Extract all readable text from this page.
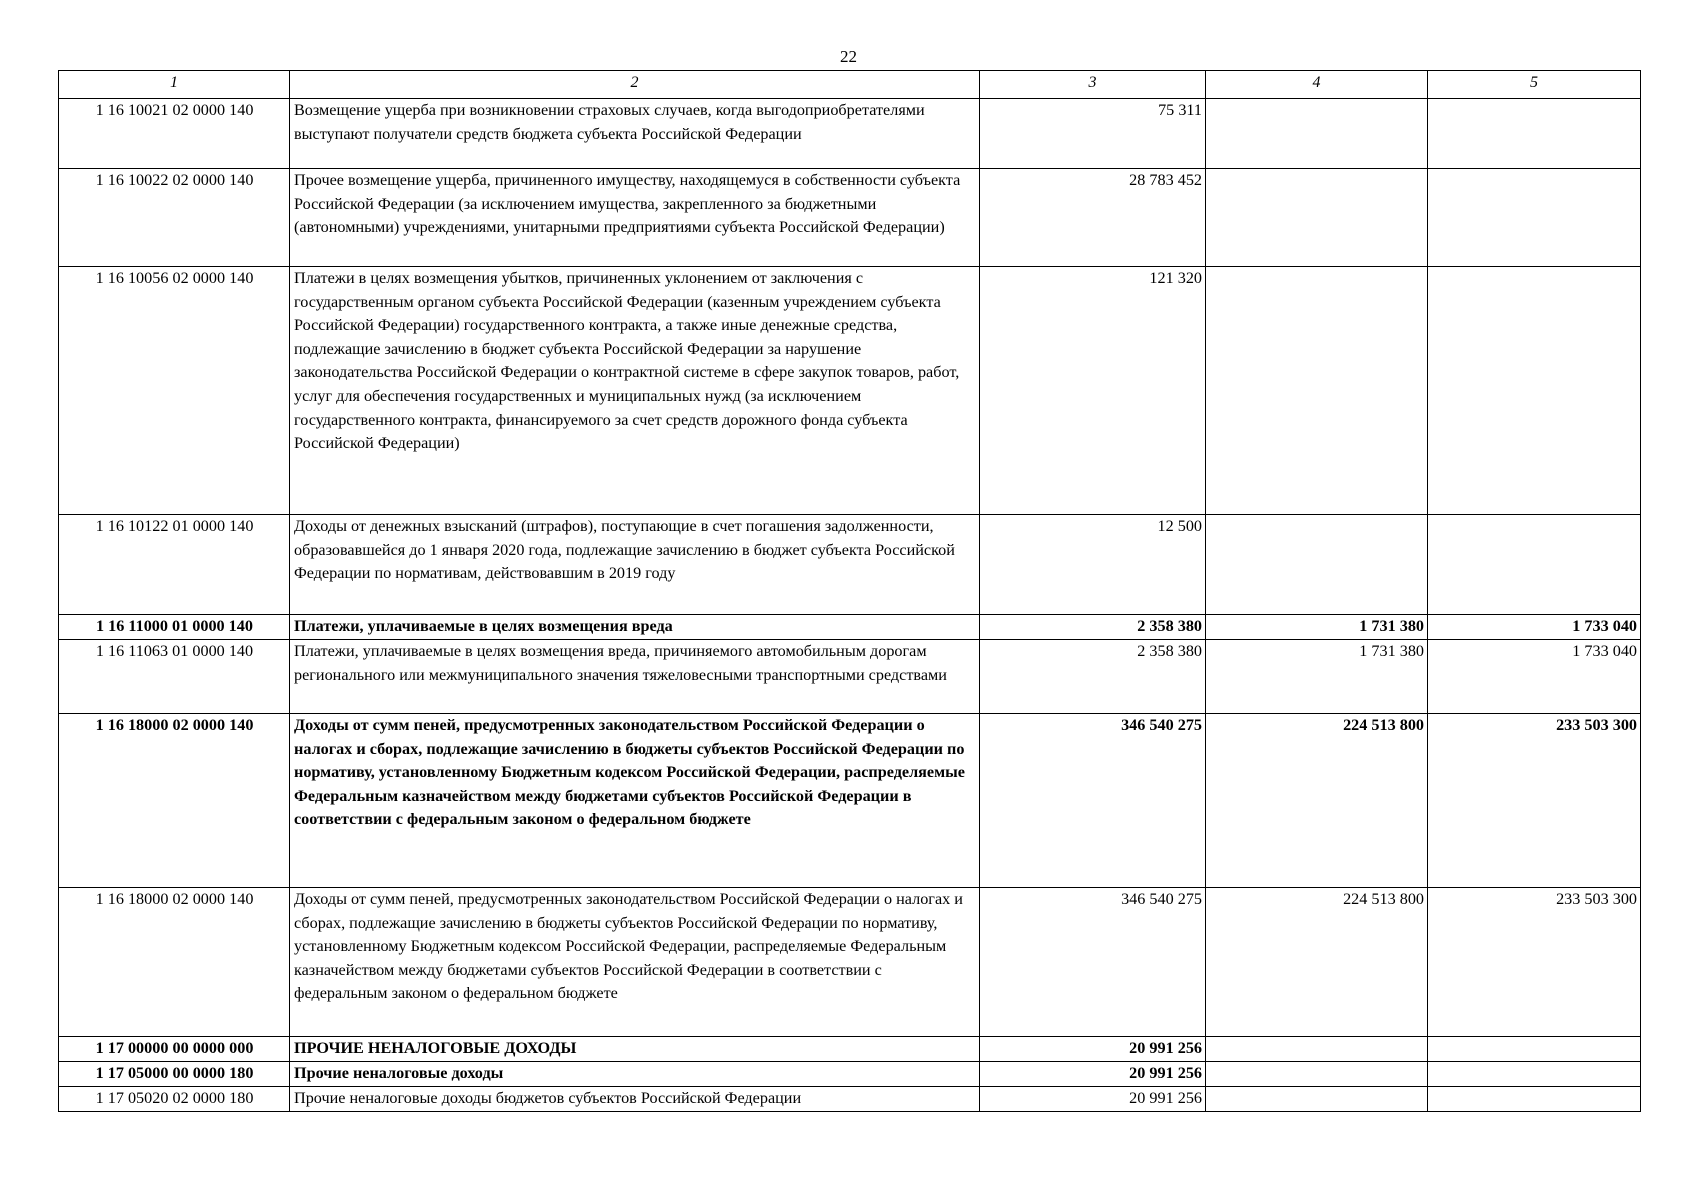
22
1	2	3	4	5
1 16 10021 02 0000 140	Возмещение ущерба при возникновении страховых случаев, когда выгодоприобретателями выступают получатели средств бюджета субъекта Российской Федерации	75 311		
1 16 10022 02 0000 140	Прочее возмещение ущерба, причиненного имуществу, находящемуся в собственности субъекта Российской Федерации (за исключением имущества, закрепленного за бюджетными (автономными) учреждениями, унитарными предприятиями субъекта Российской Федерации)	28 783 452		
1 16 10056 02 0000 140	Платежи в целях возмещения убытков, причиненных уклонением от заключения с государственным органом субъекта Российской Федерации (казенным учреждением субъекта Российской Федерации) государственного контракта, а также иные денежные средства, подлежащие зачислению в бюджет субъекта Российской Федерации за нарушение законодательства Российской Федерации о контрактной системе в сфере закупок товаров, работ, услуг для обеспечения государственных и муниципальных нужд (за исключением государственного контракта, финансируемого за счет средств дорожного фонда субъекта Российской Федерации)	121 320		
1 16 10122 01 0000 140	Доходы от денежных взысканий (штрафов), поступающие в счет погашения задолженности, образовавшейся до 1 января 2020 года, подлежащие зачислению в бюджет субъекта Российской Федерации по нормативам, действовавшим в 2019 году	12 500		
1 16 11000 01 0000 140	Платежи, уплачиваемые в целях возмещения вреда	2 358 380	1 731 380	1 733 040
1 16 11063 01 0000 140	Платежи, уплачиваемые в целях возмещения вреда, причиняемого автомобильным дорогам регионального или межмуниципального значения тяжеловесными транспортными средствами	2 358 380	1 731 380	1 733 040
1 16 18000 02 0000 140	Доходы от сумм пеней, предусмотренных законодательством Российской Федерации о налогах и сборах, подлежащие зачислению в бюджеты субъектов Российской Федерации по нормативу, установленному Бюджетным кодексом Российской Федерации, распределяемые Федеральным казначейством между бюджетами субъектов Российской Федерации в соответствии с федеральным законом о федеральном бюджете	346 540 275	224 513 800	233 503 300
1 16 18000 02 0000 140	Доходы от сумм пеней, предусмотренных законодательством Российской Федерации о налогах и сборах, подлежащие зачислению в бюджеты субъектов Российской Федерации по нормативу, установленному Бюджетным кодексом Российской Федерации, распределяемые Федеральным казначейством между бюджетами субъектов Российской Федерации в соответствии с федеральным законом о федеральном бюджете	346 540 275	224 513 800	233 503 300
1 17 00000 00 0000 000	ПРОЧИЕ НЕНАЛОГОВЫЕ ДОХОДЫ	20 991 256		
1 17 05000 00 0000 180	Прочие неналоговые доходы	20 991 256		
1 17 05020 02 0000 180	Прочие неналоговые доходы бюджетов субъектов Российской Федерации	20 991 256		
